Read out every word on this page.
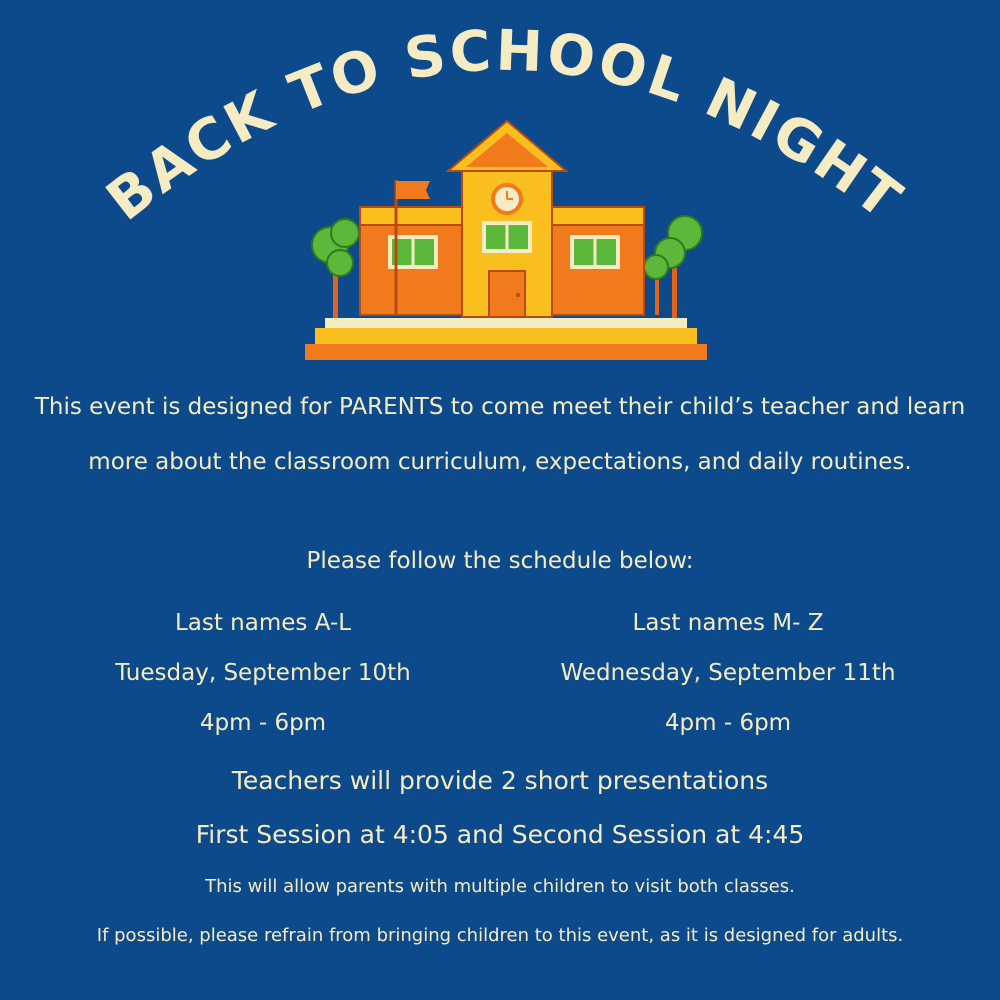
BACK TO SCHOOL NIGHT
This event is designed for PARENTS to come meet their child’s teacher and learn more about the classroom curriculum, expectations, and daily routines.
Please follow the schedule below:
Last names A-L
Tuesday, September 10th
4pm - 6pm
Last names M- Z
Wednesday, September 11th
4pm - 6pm
Teachers will provide 2 short presentations
First Session at 4:05 and Second Session at 4:45
This will allow parents with multiple children to visit both classes.
If possible, please refrain from bringing children to this event, as it is designed for adults.
